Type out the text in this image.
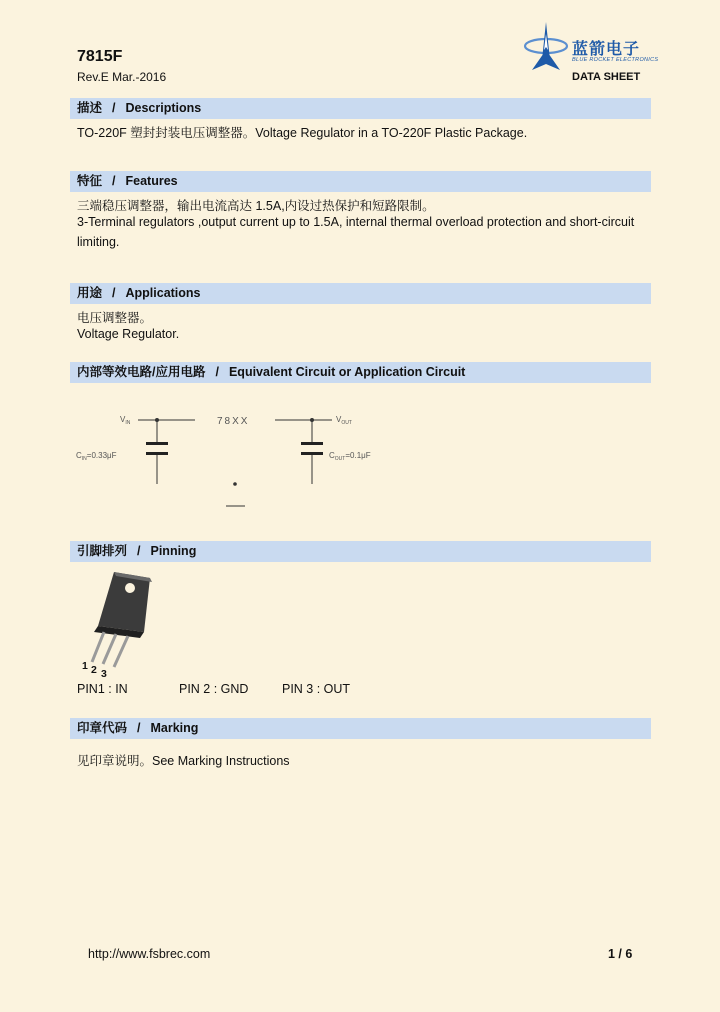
7815F
Rev.E Mar.-2016
蓝箭电子
BLUE ROCKET ELECTRONICS
DATA SHEET
描述 / Descriptions
TO-220F 塑封封装电压调整器。Voltage Regulator in a TO-220F Plastic Package.
特征 / Features
三端稳压调整器，输出电流高达 1.5A,内设过热保护和短路限制。
3-Terminal regulators ,output current up to 1.5A, internal thermal overload protection and short-circuit
limiting.
用途 / Applications
电压调整器。
Voltage Regulator.
内部等效电路/应用电路 / Equivalent Circuit or Application Circuit
$V_{IN}$	78XX	$V_{OUT}$
$C_{IN}=0.33\mu F$	$C_{OUT}=0.1\mu F$
引脚排列 / Pinning
1 2 3
PIN1 : IN	PIN 2 : GND	PIN 3 : OUT
印章代码 / Marking
见印章说明。See Marking Instructions
http://www.fsbrec.com	1 / 6
